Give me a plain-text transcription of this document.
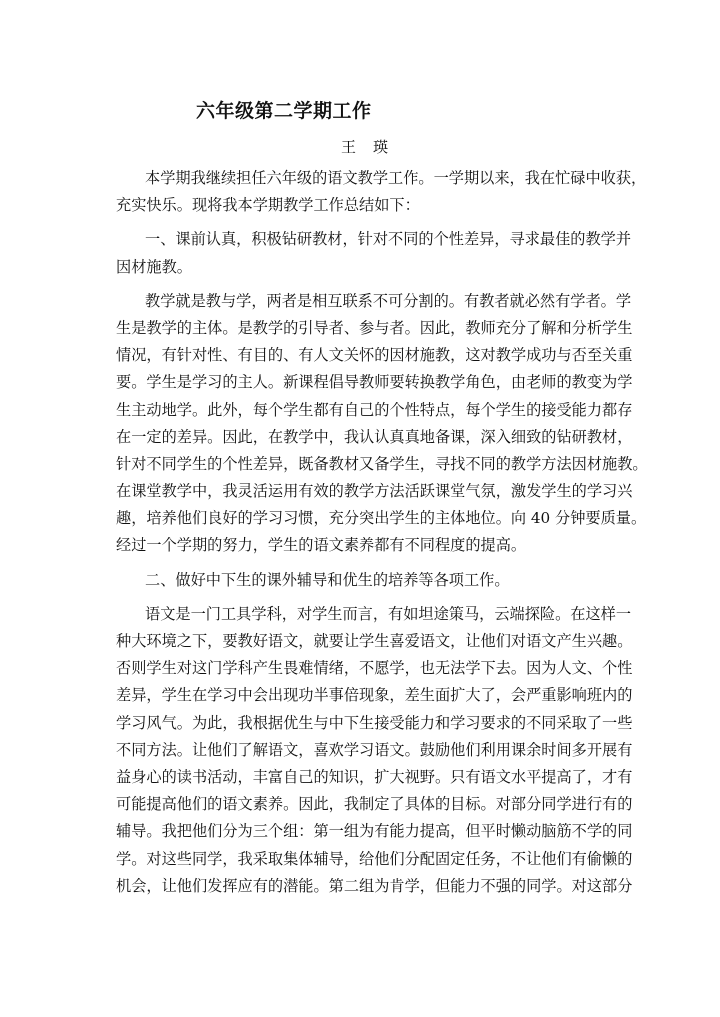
六年级第二学期工作
王　瑛
本学期我继续担任六年级的语文教学工作。一学期以来，我在忙碌中收获，
充实快乐。现将我本学期教学工作总结如下：
一、课前认真，积极钻研教材，针对不同的个性差异，寻求最佳的教学并
因材施教。
教学就是教与学，两者是相互联系不可分割的。有教者就必然有学者。学
生是教学的主体。是教学的引导者、参与者。因此，教师充分了解和分析学生
情况，有针对性、有目的、有人文关怀的因材施教，这对教学成功与否至关重
要。学生是学习的主人。新课程倡导教师要转换教学角色，由老师的教变为学
生主动地学。此外，每个学生都有自己的个性特点，每个学生的接受能力都存
在一定的差异。因此，在教学中，我认认真真地备课，深入细致的钻研教材，
针对不同学生的个性差异，既备教材又备学生，寻找不同的教学方法因材施教。
在课堂教学中，我灵活运用有效的教学方法活跃课堂气氛，激发学生的学习兴
趣，培养他们良好的学习习惯，充分突出学生的主体地位。向 40 分钟要质量。
经过一个学期的努力，学生的语文素养都有不同程度的提高。
二、做好中下生的课外辅导和优生的培养等各项工作。
语文是一门工具学科，对学生而言，有如坦途策马，云端探险。在这样一
种大环境之下，要教好语文，就要让学生喜爱语文，让他们对语文产生兴趣。
否则学生对这门学科产生畏难情绪，不愿学，也无法学下去。因为人文、个性
差异，学生在学习中会出现功半事倍现象，差生面扩大了，会严重影响班内的
学习风气。为此，我根据优生与中下生接受能力和学习要求的不同采取了一些
不同方法。让他们了解语文，喜欢学习语文。鼓励他们利用课余时间多开展有
益身心的读书活动，丰富自己的知识，扩大视野。只有语文水平提高了，才有
可能提高他们的语文素养。因此，我制定了具体的目标。对部分同学进行有的
辅导。我把他们分为三个组：第一组为有能力提高，但平时懒动脑筋不学的同
学。对这些同学，我采取集体辅导，给他们分配固定任务，不让他们有偷懒的
机会，让他们发挥应有的潜能。第二组为肯学，但能力不强的同学。对这部分
